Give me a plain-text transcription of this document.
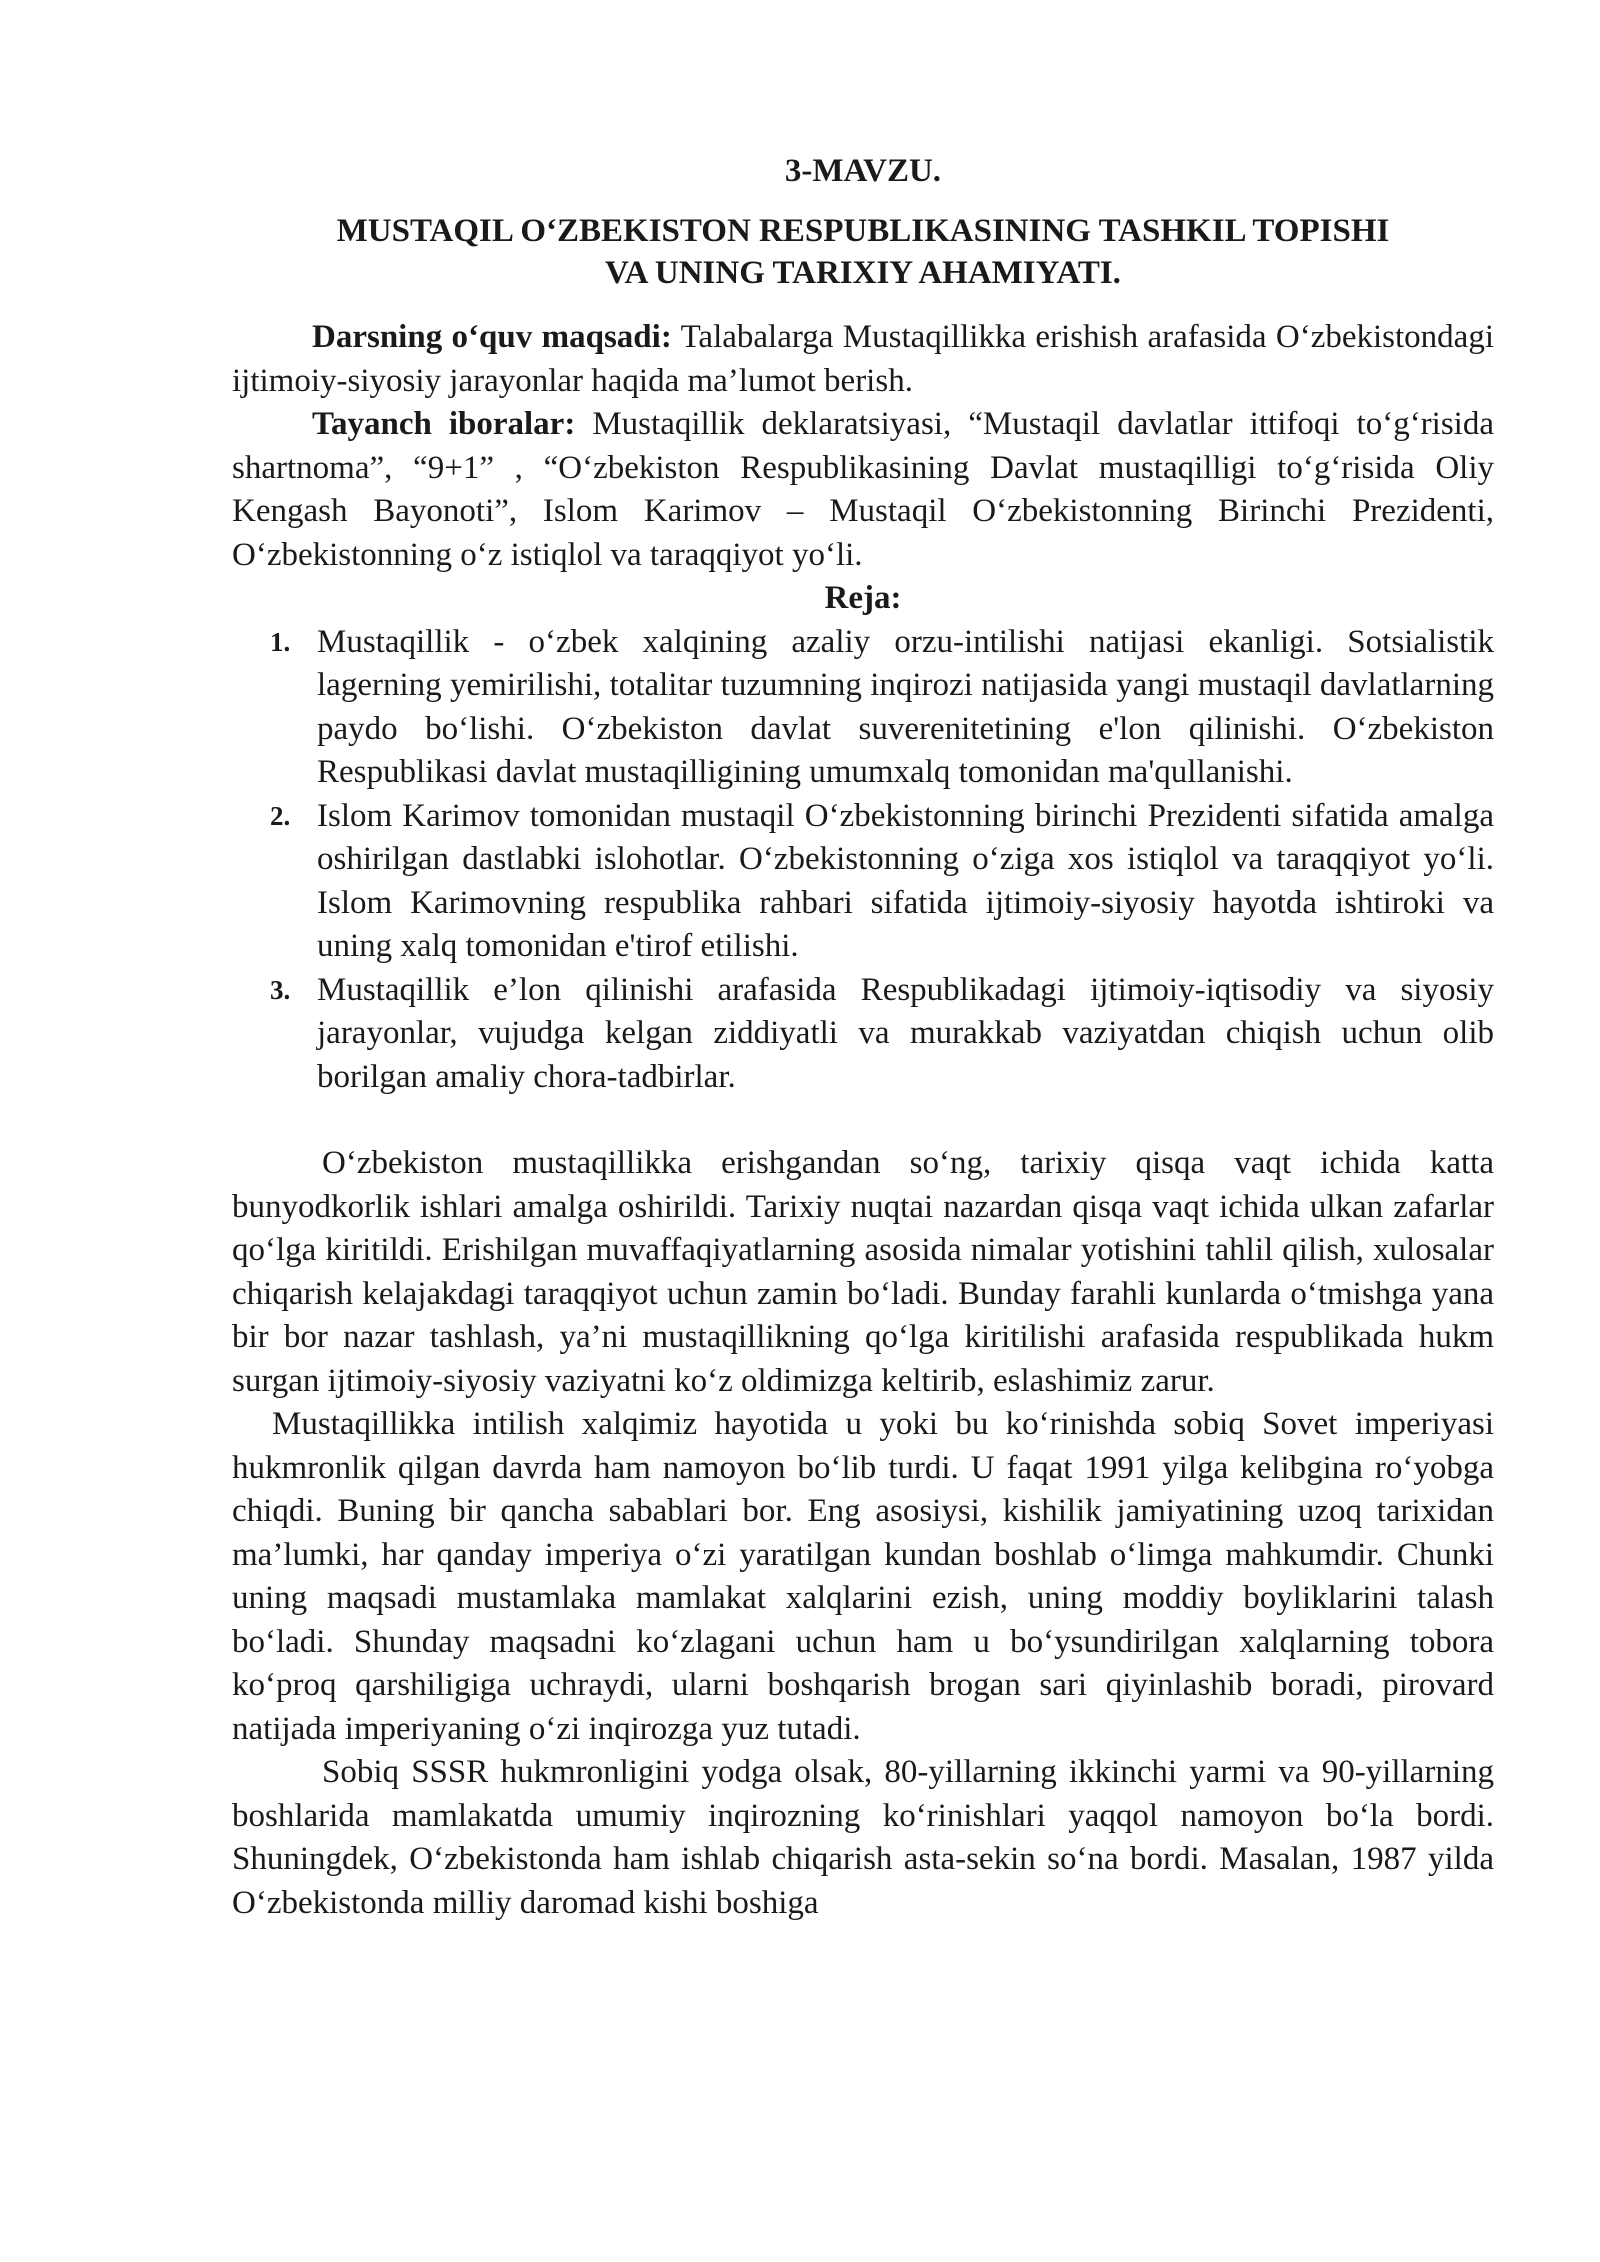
3-MAVZU.
MUSTAQIL O‘ZBEKISTON RESPUBLIKASINING TASHKIL TOPISHI
VA UNING TARIXIY AHAMIYATI.

Darsning o‘quv maqsadi: Talabalarga Mustaqillikka erishish arafasida O‘zbekistondagi ijtimoiy-siyosiy jarayonlar haqida ma’lumot berish.

Tayanch iboralar: Mustaqillik deklaratsiyasi, “Mustaqil davlatlar ittifoqi to‘g‘risida shartnoma”, “9+1” , “O‘zbekiston Respublikasining Davlat mustaqilligi to‘g‘risida Oliy Kengash Bayonoti”, Islom Karimov – Mustaqil O‘zbekistonning Birinchi Prezidenti, O‘zbekistonning o‘z istiqlol va taraqqiyot yo‘li.

Reja:
1. Mustaqillik - o‘zbek xalqining azaliy orzu-intilishi natijasi ekanligi. Sotsialistik lagerning yemirilishi, totalitar tuzumning inqirozi natijasida yangi mustaqil davlatlarning paydo bo‘lishi. O‘zbekiston davlat suverenitetining e'lon qilinishi. O‘zbekiston Respublikasi davlat mustaqilligining umumxalq tomonidan ma'qullanishi.
2. Islom Karimov tomonidan mustaqil O‘zbekistonning birinchi Prezidenti sifatida amalga oshirilgan dastlabki islohotlar. O‘zbekistonning o‘ziga xos istiqlol va taraqqiyot yo‘li. Islom Karimovning respublika rahbari sifatida ijtimoiy-siyosiy hayotda ishtiroki va uning xalq tomonidan e'tirof etilishi.
3. Mustaqillik e’lon qilinishi arafasida Respublikadagi ijtimoiy-iqtisodiy va siyosiy jarayonlar, vujudga kelgan ziddiyatli va murakkab vaziyatdan chiqish uchun olib borilgan amaliy chora-tadbirlar.

O‘zbekiston mustaqillikka erishgandan so‘ng, tarixiy qisqa vaqt ichida katta bunyodkorlik ishlari amalga oshirildi. Tarixiy nuqtai nazardan qisqa vaqt ichida ulkan zafarlar qo‘lga kiritildi. Erishilgan muvaffaqiyatlarning asosida nimalar yotishini tahlil qilish, xulosalar chiqarish kelajakdagi taraqqiyot uchun zamin bo‘ladi. Bunday farahli kunlarda o‘tmishga yana bir bor nazar tashlash, ya’ni mustaqillikning qo‘lga kiritilishi arafasida respublikada hukm surgan ijtimoiy-siyosiy vaziyatni ko‘z oldimizga keltirib, eslashimiz zarur.

Mustaqillikka intilish xalqimiz hayotida u yoki bu ko‘rinishda sobiq Sovet imperiyasi hukmronlik qilgan davrda ham namoyon bo‘lib turdi. U faqat 1991 yilga kelibgina ro‘yobga chiqdi. Buning bir qancha sabablari bor. Eng asosiysi, kishilik jamiyatining uzoq tarixidan ma’lumki, har qanday imperiya o‘zi yaratilgan kundan boshlab o‘limga mahkumdir. Chunki uning maqsadi mustamlaka mamlakat xalqlarini ezish, uning moddiy boyliklarini talash bo‘ladi. Shunday maqsadni ko‘zlagani uchun ham u bo‘ysundirilgan xalqlarning tobora ko‘proq qarshiligiga uchraydi, ularni boshqarish brogan sari qiyinlashib boradi, pirovard natijada imperiyaning o‘zi inqirozga yuz tutadi.

Sobiq SSSR hukmronligini yodga olsak, 80-yillarning ikkinchi yarmi va 90-yillarning boshlarida mamlakatda umumiy inqirozning ko‘rinishlari yaqqol namoyon bo‘la bordi. Shuningdek, O‘zbekistonda ham ishlab chiqarish asta-sekin so‘na bordi. Masalan, 1987 yilda O‘zbekistonda milliy daromad kishi boshiga
